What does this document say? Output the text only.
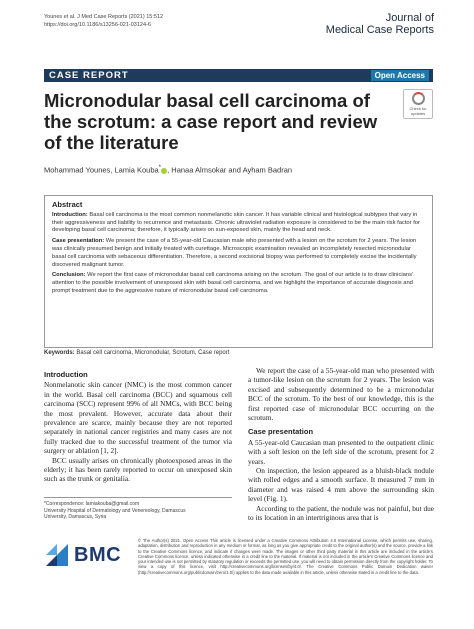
Younes et al. J Med Case Reports (2021) 15:512
https://doi.org/10.1186/s13256-021-03124-6
Journal of
Medical Case Reports
CASE REPORT	Open Access
Check for
updates
Micronodular basal cell carcinoma of the scrotum: a case report and review of the literature
Mohammad Younes, Lamia Kouba* , Hanaa Almsokar and Ayham Badran
Abstract

Introduction: Basal cell carcinoma is the most common nonmelanotic skin cancer. It has variable clinical and histological subtypes that vary in their aggressiveness and liability to recurrence and metastasis. Chronic ultraviolet radiation exposure is considered to be the main risk factor for developing basal cell carcinoma; therefore, it typically arises on sun-exposed skin, mainly the head and neck.

Case presentation: We present the case of a 55-year-old Caucasian male who presented with a lesion on the scrotum for 2 years. The lesion was clinically presumed benign and initially treated with curettage. Microscopic examination revealed an incompletely resected micronodular basal cell carcinoma with sebaceous differentiation. Therefore, a second excisional biopsy was performed to completely excise the incidentally discovered malignant tumor.

Conclusion: We report the first case of micronodular basal cell carcinoma arising on the scrotum. The goal of our article is to draw clinicians' attention to the possible involvement of unexposed skin with basal cell carcinoma, and we highlight the importance of accurate diagnosis and prompt treatment due to the aggressive nature of micronodular basal cell carcinoma.

Keywords: Basal cell carcinoma, Micronodular, Scrotum, Case report
Introduction

Nonmelanotic skin cancer (NMC) is the most common cancer in the world. Basal cell carcinoma (BCC) and squamous cell carcinoma (SCC) represent 99% of all NMCs, with BCC being the most prevalent. However, accurate data about their prevalence are scarce, mainly because they are not reported separately in national cancer registries and many cases are not fully tracked due to the successful treatment of the tumor via surgery or ablation [1, 2].

BCC usually arises on chronically photoexposed areas in the elderly; it has been rarely reported to occur on unexposed skin such as the trunk or genitalia.

We report the case of a 55-year-old man who presented with a tumor-like lesion on the scrotum for 2 years. The lesion was excised and subsequently determined to be a micronodular BCC of the scrotum. To the best of our knowledge, this is the first reported case of micronodular BCC occurring on the scrotum.

Case presentation

A 55-year-old Caucasian man presented to the outpatient clinic with a soft lesion on the left side of the scrotum, present for 2 years.

On inspection, the lesion appeared as a bluish-black nodule with rolled edges and a smooth surface. It measured 7 mm in diameter and was raised 4 mm above the surrounding skin level (Fig. 1).

According to the patient, the nodule was not painful, but due to its location in an intertriginous area that is

*Correspondence: lamiakouba@gmail.com
University Hospital of Dermatology and Venereology, Damascus
University, Damascus, Syria
BMC
© The Author(s) 2021. Open Access This article is licensed under a Creative Commons Attribution 4.0 International License, which permits use, sharing, adaptation, distribution and reproduction in any medium or format, as long as you give appropriate credit to the original author(s) and the source, provide a link to the Creative Commons licence, and indicate if changes were made. The images or other third party material in this article are included in the article's Creative Commons licence, unless indicated otherwise in a credit line to the material. If material is not included in the article's Creative Commons licence and your intended use is not permitted by statutory regulation or exceeds the permitted use, you will need to obtain permission directly from the copyright holder. To view a copy of this licence, visit http://creativecommons.org/licenses/by/4.0/. The Creative Commons Public Domain Dedication waiver (http://creativecommons.org/publicdomain/zero/1.0/) applies to the data made available in this article, unless otherwise stated in a credit line to the data.
